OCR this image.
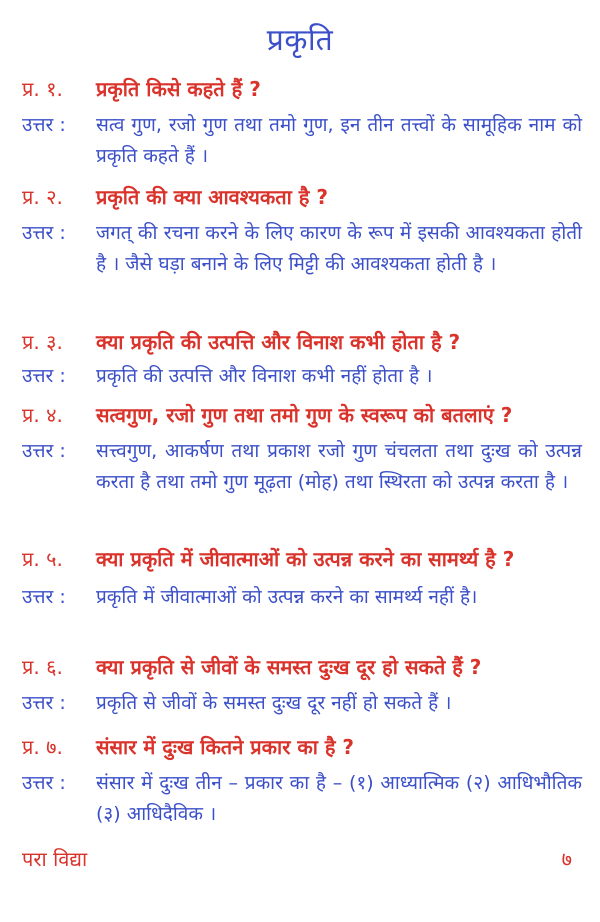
प्रकृति
प्र. १.	प्रकृति किसे कहते हैं ?
उत्तर :	सत्व गुण, रजो गुण तथा तमो गुण, इन तीन तत्त्वों के सामूहिक नाम को प्रकृति कहते हैं ।
प्र. २.	प्रकृति की क्या आवश्यकता है ?
उत्तर :	जगत् की रचना करने के लिए कारण के रूप में इसकी आवश्यकता होती है । जैसे घड़ा बनाने के लिए मिट्टी की आवश्यकता होती है ।
प्र. ३.	क्या प्रकृति की उत्पत्ति और विनाश कभी होता है ?
उत्तर :	प्रकृति की उत्पत्ति और विनाश कभी नहीं होता है ।
प्र. ४.	सत्वगुण, रजो गुण तथा तमो गुण के स्वरूप को बतलाएं ?
उत्तर :	सत्त्वगुण, आकर्षण तथा प्रकाश रजो गुण चंचलता तथा दुःख को उत्पन्न करता है तथा तमो गुण मूढ़ता (मोह) तथा स्थिरता को उत्पन्न करता है ।
प्र. ५.	क्या प्रकृति में जीवात्माओं को उत्पन्न करने का सामर्थ्य है ?
उत्तर :	प्रकृति में जीवात्माओं को उत्पन्न करने का सामर्थ्य नहीं है।
प्र. ६.	क्या प्रकृति से जीवों के समस्त दुःख दूर हो सकते हैं ?
उत्तर :	प्रकृति से जीवों के समस्त दुःख दूर नहीं हो सकते हैं ।
प्र. ७.	संसार में दुःख कितने प्रकार का है ?
उत्तर :	संसार में दुःख तीन – प्रकार का है – (१) आध्यात्मिक (२) आधिभौतिक (३) आधिदैविक ।
परा विद्या	७
